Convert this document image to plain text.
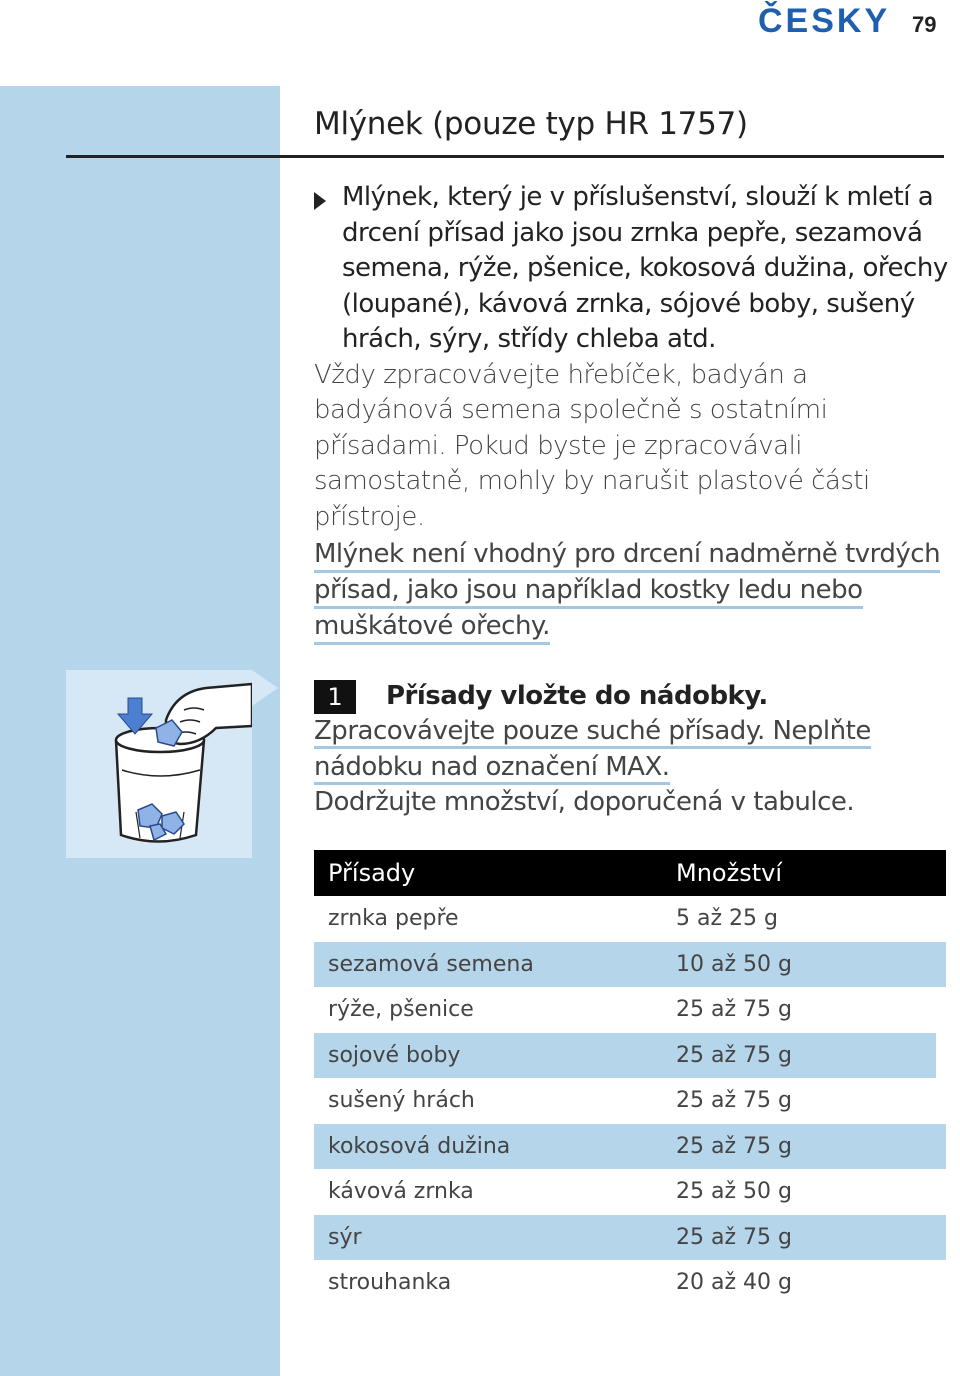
ČESKY 79
Mlýnek (pouze typ HR 1757)

Mlýnek, který je v příslušenství, slouží k mletí a drcení přísad jako jsou zrnka pepře, sezamová semena, rýže, pšenice, kokosová dužina, ořechy (loupané), kávová zrnka, sójové boby, sušený hrách, sýry, střídy chleba atd.

Vždy zpracovávejte hřebíček, badyán a badyánová semena společně s ostatními přísadami. Pokud byste je zpracovávali samostatně, mohly by narušit plastové části přístroje.

Mlýnek není vhodný pro drcení nadměrně tvrdých přísad, jako jsou například kostky ledu nebo muškátové ořechy.
1	Přísady vložte do nádobky.

Zpracovávejte pouze suché přísady. Neplňte nádobku nad označení MAX.
Dodržujte množství, doporučená v tabulce.

Přísady	Množství
zrnka pepře	5 až 25 g
sezamová semena	10 až 50 g
rýže, pšenice	25 až 75 g
sojové boby	25 až 75 g
sušený hrách	25 až 75 g
kokosová dužina	25 až 75 g
kávová zrnka	25 až 50 g
sýr	25 až 75 g
strouhanka	20 až 40 g
